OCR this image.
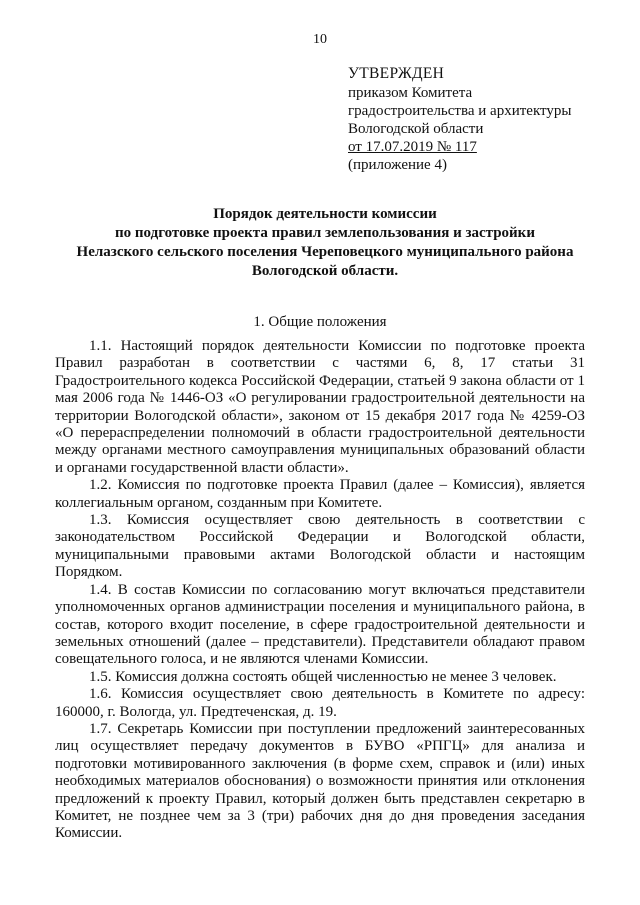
10
УТВЕРЖДЕН
приказом Комитета
градостроительства и архитектуры
Вологодской области
от 17.07.2019 № 117
(приложение 4)
Порядок деятельности комиссии
по подготовке проекта правил землепользования и застройки
Нелазского сельского поселения Череповецкого муниципального района
Вологодской области.
1. Общие положения

1.1. Настоящий порядок деятельности Комиссии по подготовке проекта Правил разработан в соответствии с частями 6, 8, 17 статьи 31 Градостроительного кодекса Российской Федерации, статьей 9 закона области от 1 мая 2006 года № 1446-ОЗ «О регулировании градостроительной деятельности на территории Вологодской области», законом от 15 декабря 2017 года № 4259-ОЗ «О перераспределении полномочий в области градостроительной деятельности между органами местного самоуправления муниципальных образований области и органами государственной власти области».

1.2. Комиссия по подготовке проекта Правил (далее – Комиссия), является коллегиальным органом, созданным при Комитете.

1.3. Комиссия осуществляет свою деятельность в соответствии с законодательством Российской Федерации и Вологодской области, муниципальными правовыми актами Вологодской области и настоящим Порядком.

1.4. В состав Комиссии по согласованию могут включаться представители уполномоченных органов администрации поселения и муниципального района, в состав, которого входит поселение, в сфере градостроительной деятельности и земельных отношений (далее – представители). Представители обладают правом совещательного голоса, и не являются членами Комиссии.

1.5. Комиссия должна состоять общей численностью не менее 3 человек.

1.6. Комиссия осуществляет свою деятельность в Комитете по адресу: 160000, г. Вологда, ул. Предтеченская, д. 19.

1.7. Секретарь Комиссии при поступлении предложений заинтересованных лиц осуществляет передачу документов в БУВО «РПГЦ» для анализа и подготовки мотивированного заключения (в форме схем, справок и (или) иных необходимых материалов обоснования) о возможности принятия или отклонения предложений к проекту Правил, который должен быть представлен секретарю в Комитет, не позднее чем за 3 (три) рабочих дня до дня проведения заседания Комиссии.
